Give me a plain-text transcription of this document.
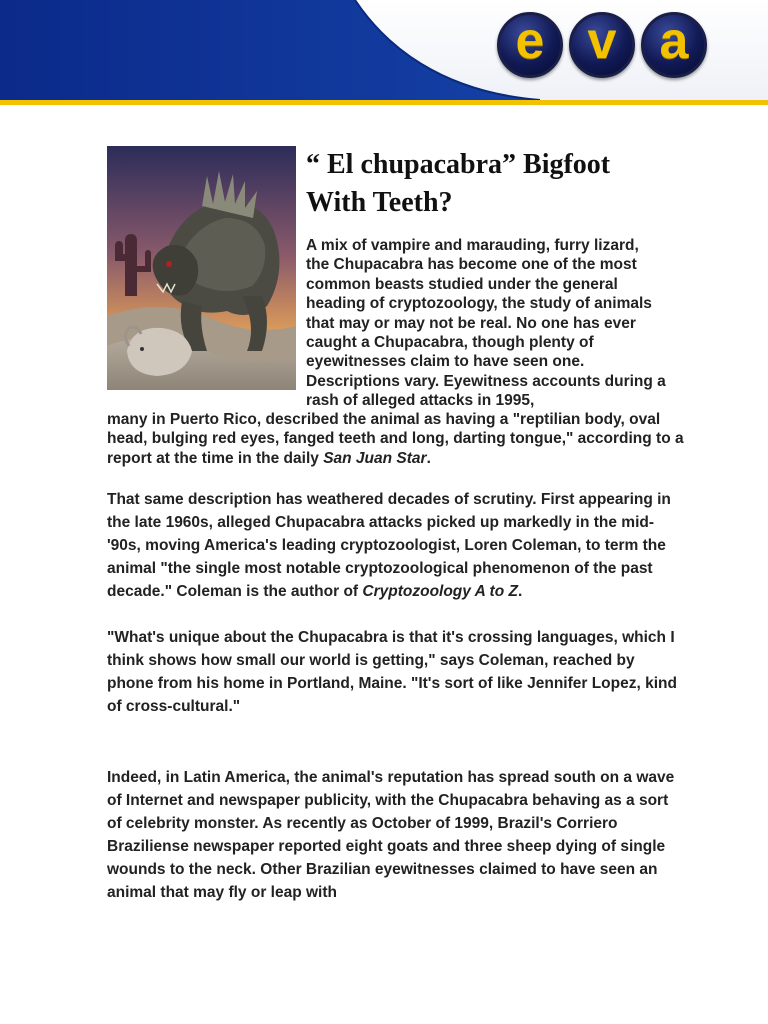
e v a
“ El chupacabra” Bigfoot With Teeth?

A mix of vampire and marauding, furry lizard, the Chupacabra has become one of the most common beasts studied under the general heading of cryptozoology, the study of animals that may or may not be real. No one has ever caught a Chupacabra, though plenty of eyewitnesses claim to have seen one. Descriptions vary. Eyewitness accounts during a rash of alleged attacks in 1995,

many in Puerto Rico, described the animal as having a "reptilian body, oval head, bulging red eyes, fanged teeth and long, darting tongue," according to a report at the time in the daily San Juan Star.

That same description has weathered decades of scrutiny. First appearing in the late 1960s, alleged Chupacabra attacks picked up markedly in the mid-'90s, moving America's leading cryptozoologist, Loren Coleman, to term the animal "the single most notable cryptozoological phenomenon of the past decade." Coleman is the author of Cryptozoology A to Z.

"What's unique about the Chupacabra is that it's crossing languages, which I think shows how small our world is getting," says Coleman, reached by phone from his home in Portland, Maine. "It's sort of like Jennifer Lopez, kind of cross-cultural."

Indeed, in Latin America, the animal's reputation has spread south on a wave of Internet and newspaper publicity, with the Chupacabra behaving as a sort of celebrity monster. As recently as October of 1999, Brazil's Corriero Braziliense newspaper reported eight goats and three sheep dying of single wounds to the neck. Other Brazilian eyewitnesses claimed to have seen an animal that may fly or leap with
